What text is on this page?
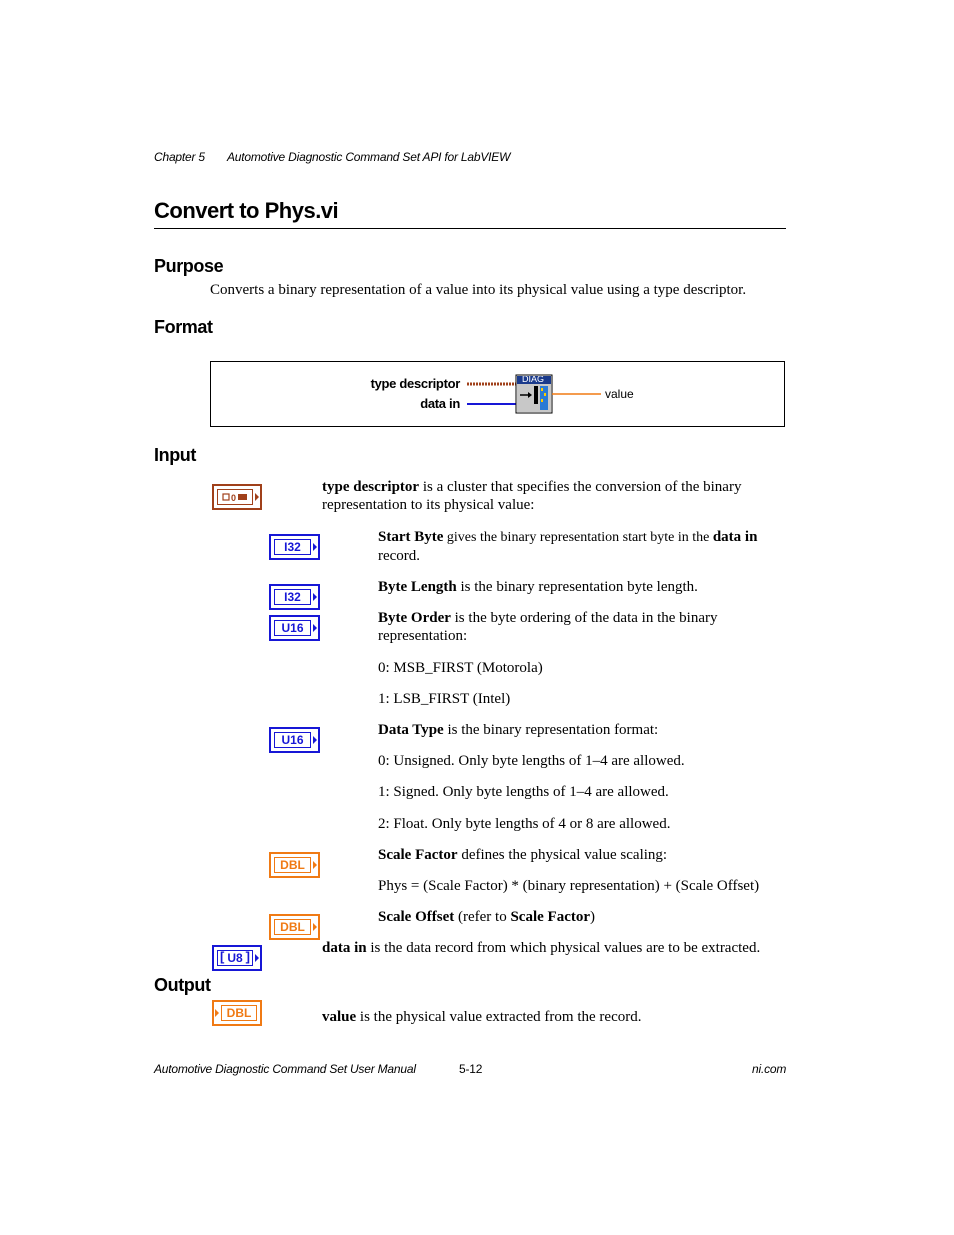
Chapter 5 Automotive Diagnostic Command Set API for LabVIEW
Convert to Phys.vi
Purpose
Converts a binary representation of a value into its physical value using a type descriptor.
Format
DIAG
type descriptor
data in
value
Input
0
type descriptor is a cluster that specifies the conversion of the binary representation to its physical value:
I32
Start Byte gives the binary representation start byte in the data in record.
I32
Byte Length is the binary representation byte length.
U16
Byte Order is the byte ordering of the data in the binary representation:
0: MSB_FIRST (Motorola)
1: LSB_FIRST (Intel)
U16
Data Type is the binary representation format:
0: Unsigned. Only byte lengths of 1–4 are allowed.
1: Signed. Only byte lengths of 1–4 are allowed.
2: Float. Only byte lengths of 4 or 8 are allowed.
DBL
Scale Factor defines the physical value scaling:
Phys = (Scale Factor) * (binary representation) + (Scale Offset)
DBL
Scale Offset (refer to Scale Factor)
[ U8 ]
data in is the data record from which physical values are to be extracted.
Output
DBL	value is the physical value extracted from the record.
Automotive Diagnostic Command Set User Manual	5-12	ni.com
